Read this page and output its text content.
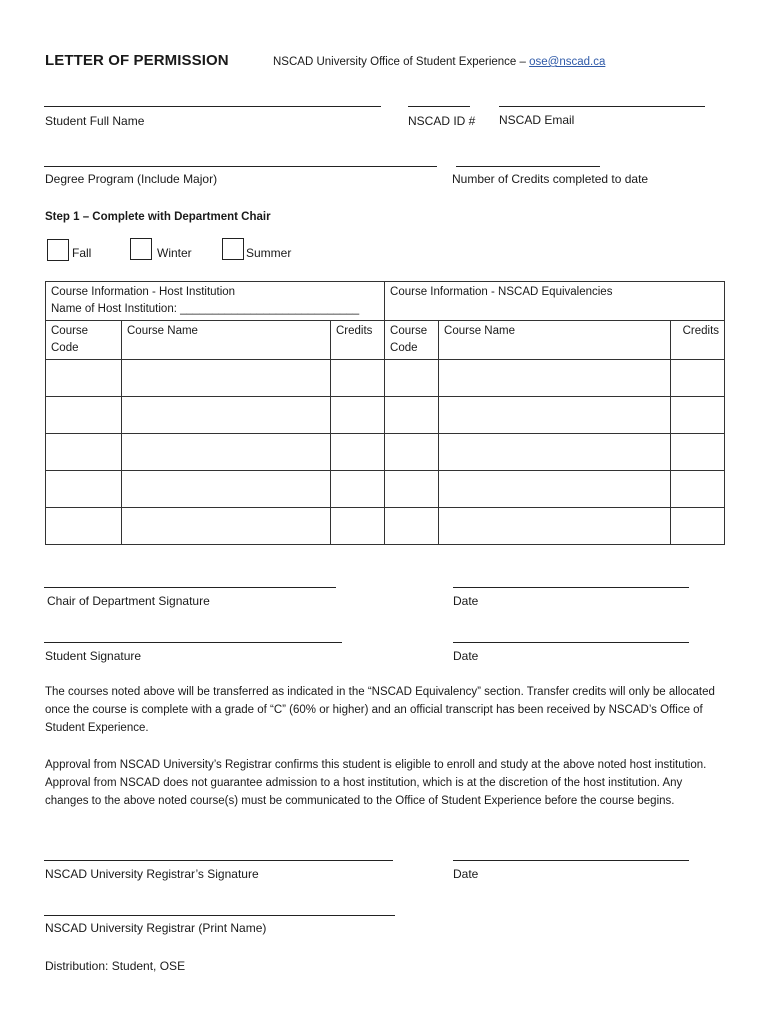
LETTER OF PERMISSION	NSCAD University Office of Student Experience – ose@nscad.ca
Student Full Name	NSCAD ID # NSCAD Email
Degree Program (Include Major)	Number of Credits completed to date
Step 1 – Complete with Department Chair
Fall	Winter	Summer
Course Information - Host Institution
Name of Host Institution: ____________________________			Course Information - NSCAD Equivalencies		

Course Code	Course Name	Credits	Course Code	Course Name	Credits

Chair of Department Signature	Date
Student Signature	Date

The courses noted above will be transferred as indicated in the “NSCAD Equivalency” section. Transfer credits will only be allocated once the course is complete with a grade of “C” (60% or higher) and an official transcript has been received by NSCAD’s Office of Student Experience.

Approval from NSCAD University’s Registrar confirms this student is eligible to enroll and study at the above noted host institution. Approval from NSCAD does not guarantee admission to a host institution, which is at the discretion of the host institution. Any changes to the above noted course(s) must be communicated to the Office of Student Experience before the course begins.

NSCAD University Registrar’s Signature	Date
NSCAD University Registrar (Print Name)
Distribution: Student, OSE
